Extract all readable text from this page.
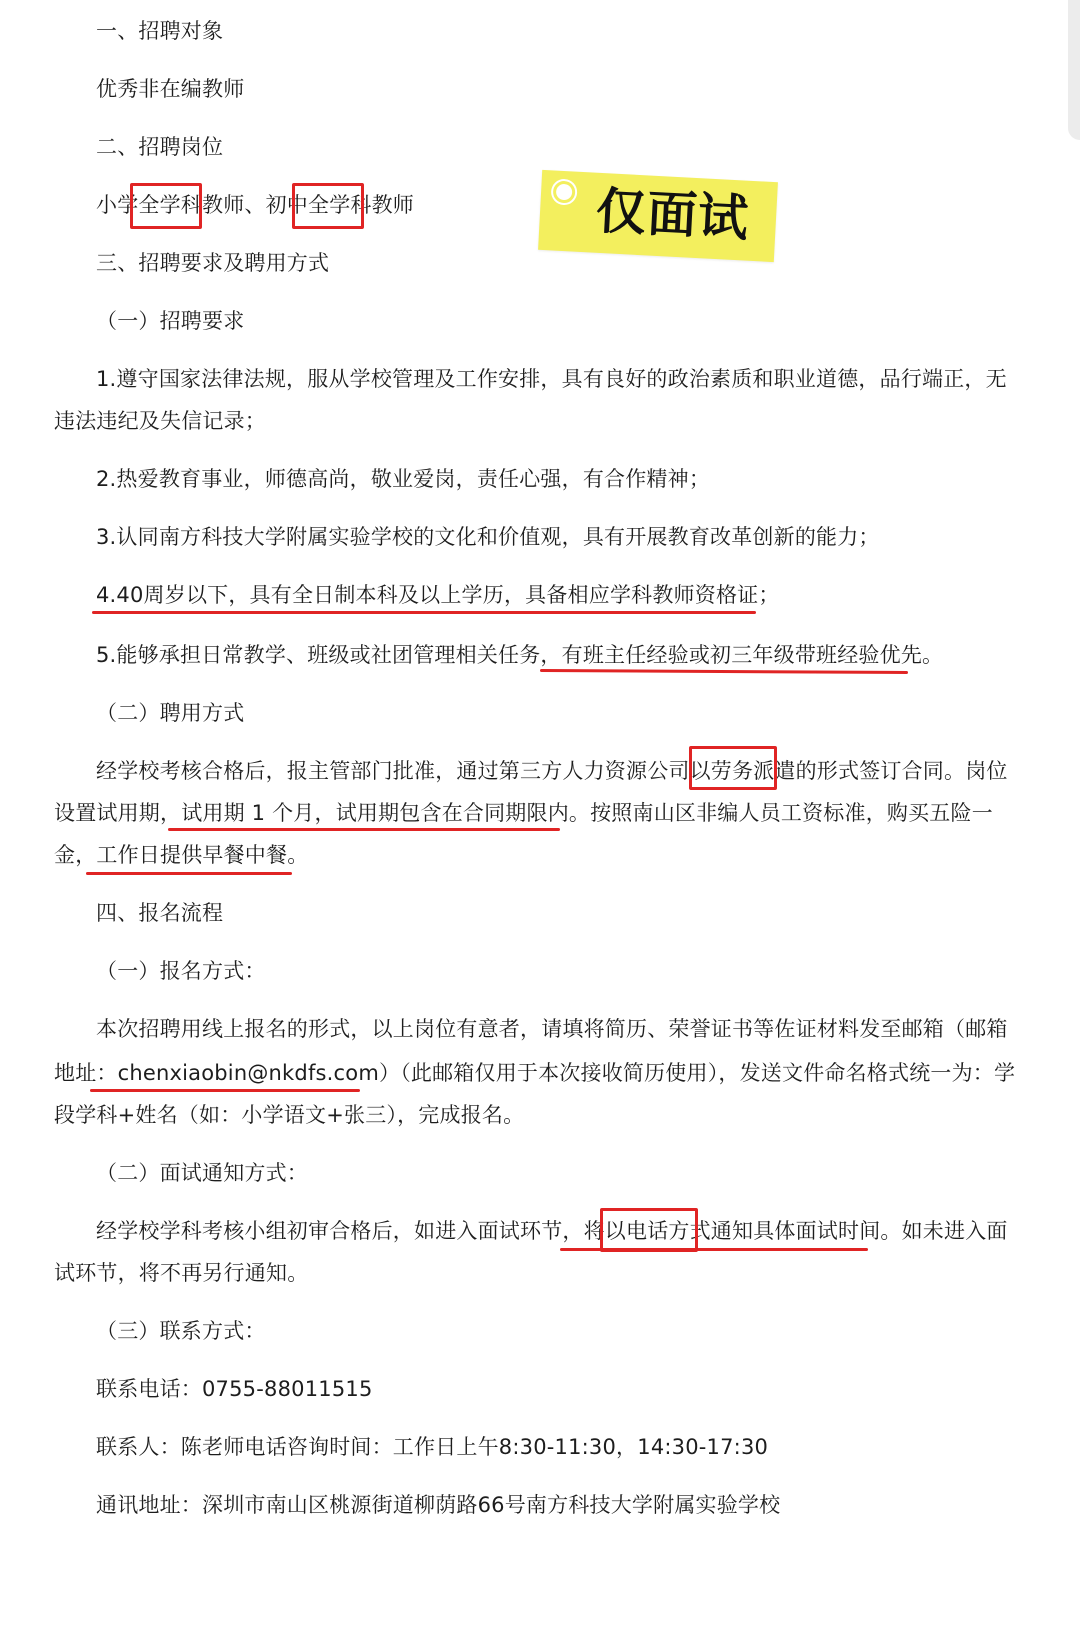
一、招聘对象

优秀非在编教师

二、招聘岗位

小学全学科教师、初中全学科教师

三、招聘要求及聘用方式

（一）招聘要求

1.遵守国家法律法规，服从学校管理及工作安排，具有良好的政治素质和职业道德，品行端正，无

违法违纪及失信记录；

2.热爱教育事业，师德高尚，敬业爱岗，责任心强，有合作精神；

3.认同南方科技大学附属实验学校的文化和价值观，具有开展教育改革创新的能力；

4.40周岁以下，具有全日制本科及以上学历，具备相应学科教师资格证；

5.能够承担日常教学、班级或社团管理相关任务，有班主任经验或初三年级带班经验优先。

（二）聘用方式

经学校考核合格后，报主管部门批准，通过第三方人力资源公司以劳务派遣的形式签订合同。岗位

设置试用期，试用期 1 个月，试用期包含在合同期限内。按照南山区非编人员工资标准，购买五险一

金，工作日提供早餐中餐。

四、报名流程

（一）报名方式：

本次招聘用线上报名的形式，以上岗位有意者，请填将简历、荣誉证书等佐证材料发至邮箱（邮箱

地址：chenxiaobin@nkdfs.com）（此邮箱仅用于本次接收简历使用），发送文件命名格式统一为：学

段学科+姓名（如：小学语文+张三），完成报名。

（二）面试通知方式：

经学校学科考核小组初审合格后，如进入面试环节，将以电话方式通知具体面试时间。如未进入面

试环节，将不再另行通知。

（三）联系方式：

联系电话：0755-88011515

联系人：陈老师电话咨询时间：工作日上午8:30-11:30，14:30-17:30

通讯地址：深圳市南山区桃源街道柳荫路66号南方科技大学附属实验学校

仅面试
